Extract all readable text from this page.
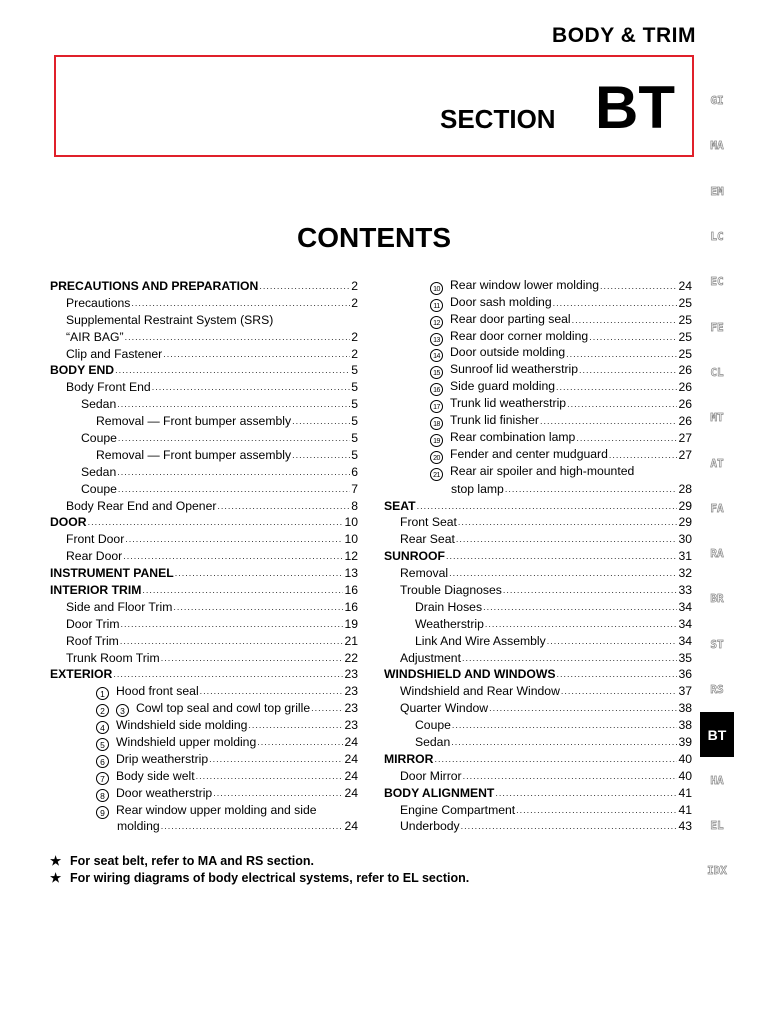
BODY & TRIM
SECTION BT
CONTENTS
PRECAUTIONS AND PREPARATION .....	2
Precautions .....	2
Supplemental Restraint System (SRS)
“AIR BAG” .....	2
Clip and Fastener .....	2
BODY END .....	5
Body Front End .....	5
Sedan .....	5
Removal — Front bumper assembly .....	5
Coupe .....	5
Removal — Front bumper assembly .....	5
Sedan .....	6
Coupe .....	7
Body Rear End and Opener .....	8
DOOR .....	10
Front Door .....	10
Rear Door .....	12
INSTRUMENT PANEL .....	13
INTERIOR TRIM .....	16
Side and Floor Trim .....	16
Door Trim .....	19
Roof Trim .....	21
Trunk Room Trim .....	22
EXTERIOR .....	23
1 Hood front seal .....	23
2 3 Cowl top seal and cowl top grille .....	23
4 Windshield side molding .....	23
5 Windshield upper molding .....	24
6 Drip weatherstrip .....	24
7 Body side welt .....	24
8 Door weatherstrip .....	24
9 Rear window upper molding and side
molding .....	24
10 Rear window lower molding .....	24
11 Door sash molding .....	25
12 Rear door parting seal .....	25
13 Rear door corner molding .....	25
14 Door outside molding .....	25
15 Sunroof lid weatherstrip .....	26
16 Side guard molding .....	26
17 Trunk lid weatherstrip .....	26
18 Trunk lid finisher .....	26
19 Rear combination lamp .....	27
20 Fender and center mudguard .....	27
21 Rear air spoiler and high-mounted
stop lamp .....	28
SEAT .....	29
Front Seat .....	29
Rear Seat .....	30
SUNROOF .....	31
Removal .....	32
Trouble Diagnoses .....	33
Drain Hoses .....	34
Weatherstrip .....	34
Link And Wire Assembly .....	34
Adjustment .....	35
WINDSHIELD AND WINDOWS .....	36
Windshield and Rear Window .....	37
Quarter Window .....	38
Coupe .....	38
Sedan .....	39
MIRROR .....	40
Door Mirror .....	40
BODY ALIGNMENT .....	41
Engine Compartment .....	41
Underbody .....	43
★ For seat belt, refer to MA and RS section.
★ For wiring diagrams of body electrical systems, refer to EL section.
GI
MA
EM
LC
EC
FE
CL
MT
AT
FA
RA
BR
ST
RS
BT
HA
EL
IDX
